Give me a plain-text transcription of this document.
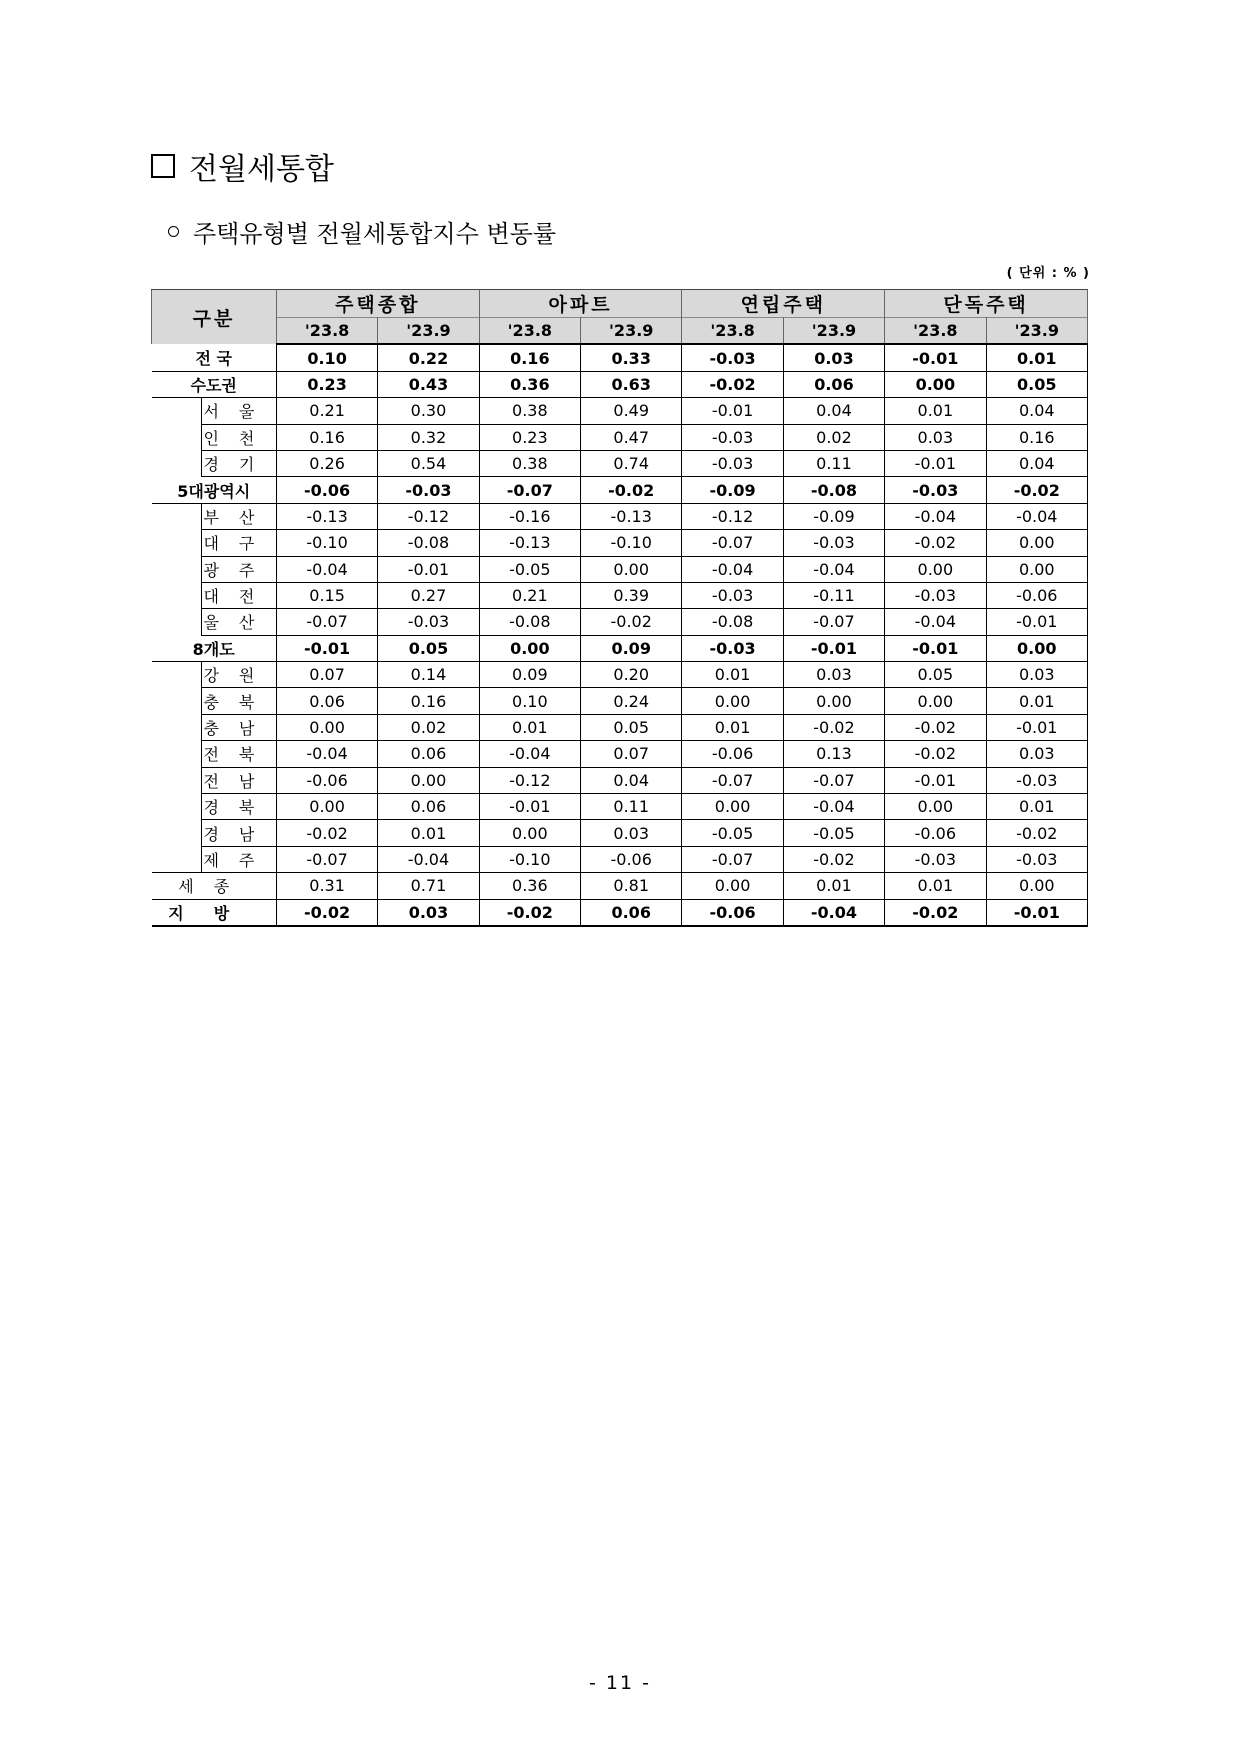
전월세통합
주택유형별 전월세통합지수 변동률
( 단위 : % )
구분		주택종합		아파트		연립주택		단독주택	
		'23.8	'23.9	'23.8	'23.9	'23.8	'23.9	'23.8	'23.9
전 국		0.10	0.22	0.16	0.33	-0.03	0.03	-0.01	0.01
수도권		0.23	0.43	0.36	0.63	-0.02	0.06	0.00	0.05
	서울	0.21	0.30	0.38	0.49	-0.01	0.04	0.01	0.04
	인천	0.16	0.32	0.23	0.47	-0.03	0.02	0.03	0.16
	경기	0.26	0.54	0.38	0.74	-0.03	0.11	-0.01	0.04
5대광역시		-0.06	-0.03	-0.07	-0.02	-0.09	-0.08	-0.03	-0.02
	부산	-0.13	-0.12	-0.16	-0.13	-0.12	-0.09	-0.04	-0.04
	대구	-0.10	-0.08	-0.13	-0.10	-0.07	-0.03	-0.02	0.00
	광주	-0.04	-0.01	-0.05	0.00	-0.04	-0.04	0.00	0.00
	대전	0.15	0.27	0.21	0.39	-0.03	-0.11	-0.03	-0.06
	울산	-0.07	-0.03	-0.08	-0.02	-0.08	-0.07	-0.04	-0.01
8개도		-0.01	0.05	0.00	0.09	-0.03	-0.01	-0.01	0.00
	강원	0.07	0.14	0.09	0.20	0.01	0.03	0.05	0.03
	충북	0.06	0.16	0.10	0.24	0.00	0.00	0.00	0.01
	충남	0.00	0.02	0.01	0.05	0.01	-0.02	-0.02	-0.01
	전북	-0.04	0.06	-0.04	0.07	-0.06	0.13	-0.02	0.03
	전남	-0.06	0.00	-0.12	0.04	-0.07	-0.07	-0.01	-0.03
	경북	0.00	0.06	-0.01	0.11	0.00	-0.04	0.00	0.01
	경남	-0.02	0.01	0.00	0.03	-0.05	-0.05	-0.06	-0.02
	제주	-0.07	-0.04	-0.10	-0.06	-0.07	-0.02	-0.03	-0.03
세종		0.31	0.71	0.36	0.81	0.00	0.01	0.01	0.00
지방		-0.02	0.03	-0.02	0.06	-0.06	-0.04	-0.02	-0.01
- 11 -
